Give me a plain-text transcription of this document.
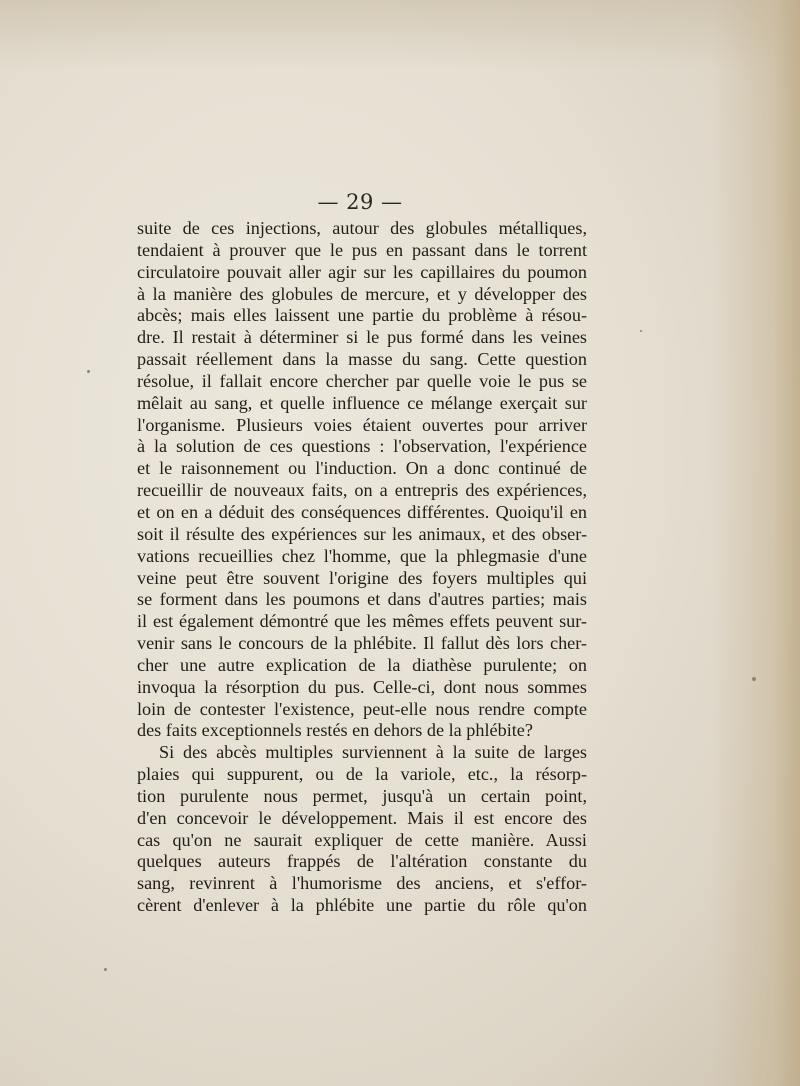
— 29 —
suite de ces injections, autour des globules métalliques,
tendaient à prouver que le pus en passant dans le torrent
circulatoire pouvait aller agir sur les capillaires du poumon
à la manière des globules de mercure, et y développer des
abcès; mais elles laissent une partie du problème à résou-
dre. Il restait à déterminer si le pus formé dans les veines
passait réellement dans la masse du sang. Cette question
résolue, il fallait encore chercher par quelle voie le pus se
mêlait au sang, et quelle influence ce mélange exerçait sur
l'organisme. Plusieurs voies étaient ouvertes pour arriver
à la solution de ces questions : l'observation, l'expérience
et le raisonnement ou l'induction. On a donc continué de
recueillir de nouveaux faits, on a entrepris des expériences,
et on en a déduit des conséquences différentes. Quoiqu'il en
soit il résulte des expériences sur les animaux, et des obser-
vations recueillies chez l'homme, que la phlegmasie d'une
veine peut être souvent l'origine des foyers multiples qui
se forment dans les poumons et dans d'autres parties; mais
il est également démontré que les mêmes effets peuvent sur-
venir sans le concours de la phlébite. Il fallut dès lors cher-
cher une autre explication de la diathèse purulente; on
invoqua la résorption du pus. Celle-ci, dont nous sommes
loin de contester l'existence, peut-elle nous rendre compte
des faits exceptionnels restés en dehors de la phlébite?
Si des abcès multiples surviennent à la suite de larges
plaies qui suppurent, ou de la variole, etc., la résorp-
tion purulente nous permet, jusqu'à un certain point,
d'en concevoir le développement. Mais il est encore des
cas qu'on ne saurait expliquer de cette manière. Aussi
quelques auteurs frappés de l'altération constante du
sang, revinrent à l'humorisme des anciens, et s'effor-
cèrent d'enlever à la phlébite une partie du rôle qu'on
